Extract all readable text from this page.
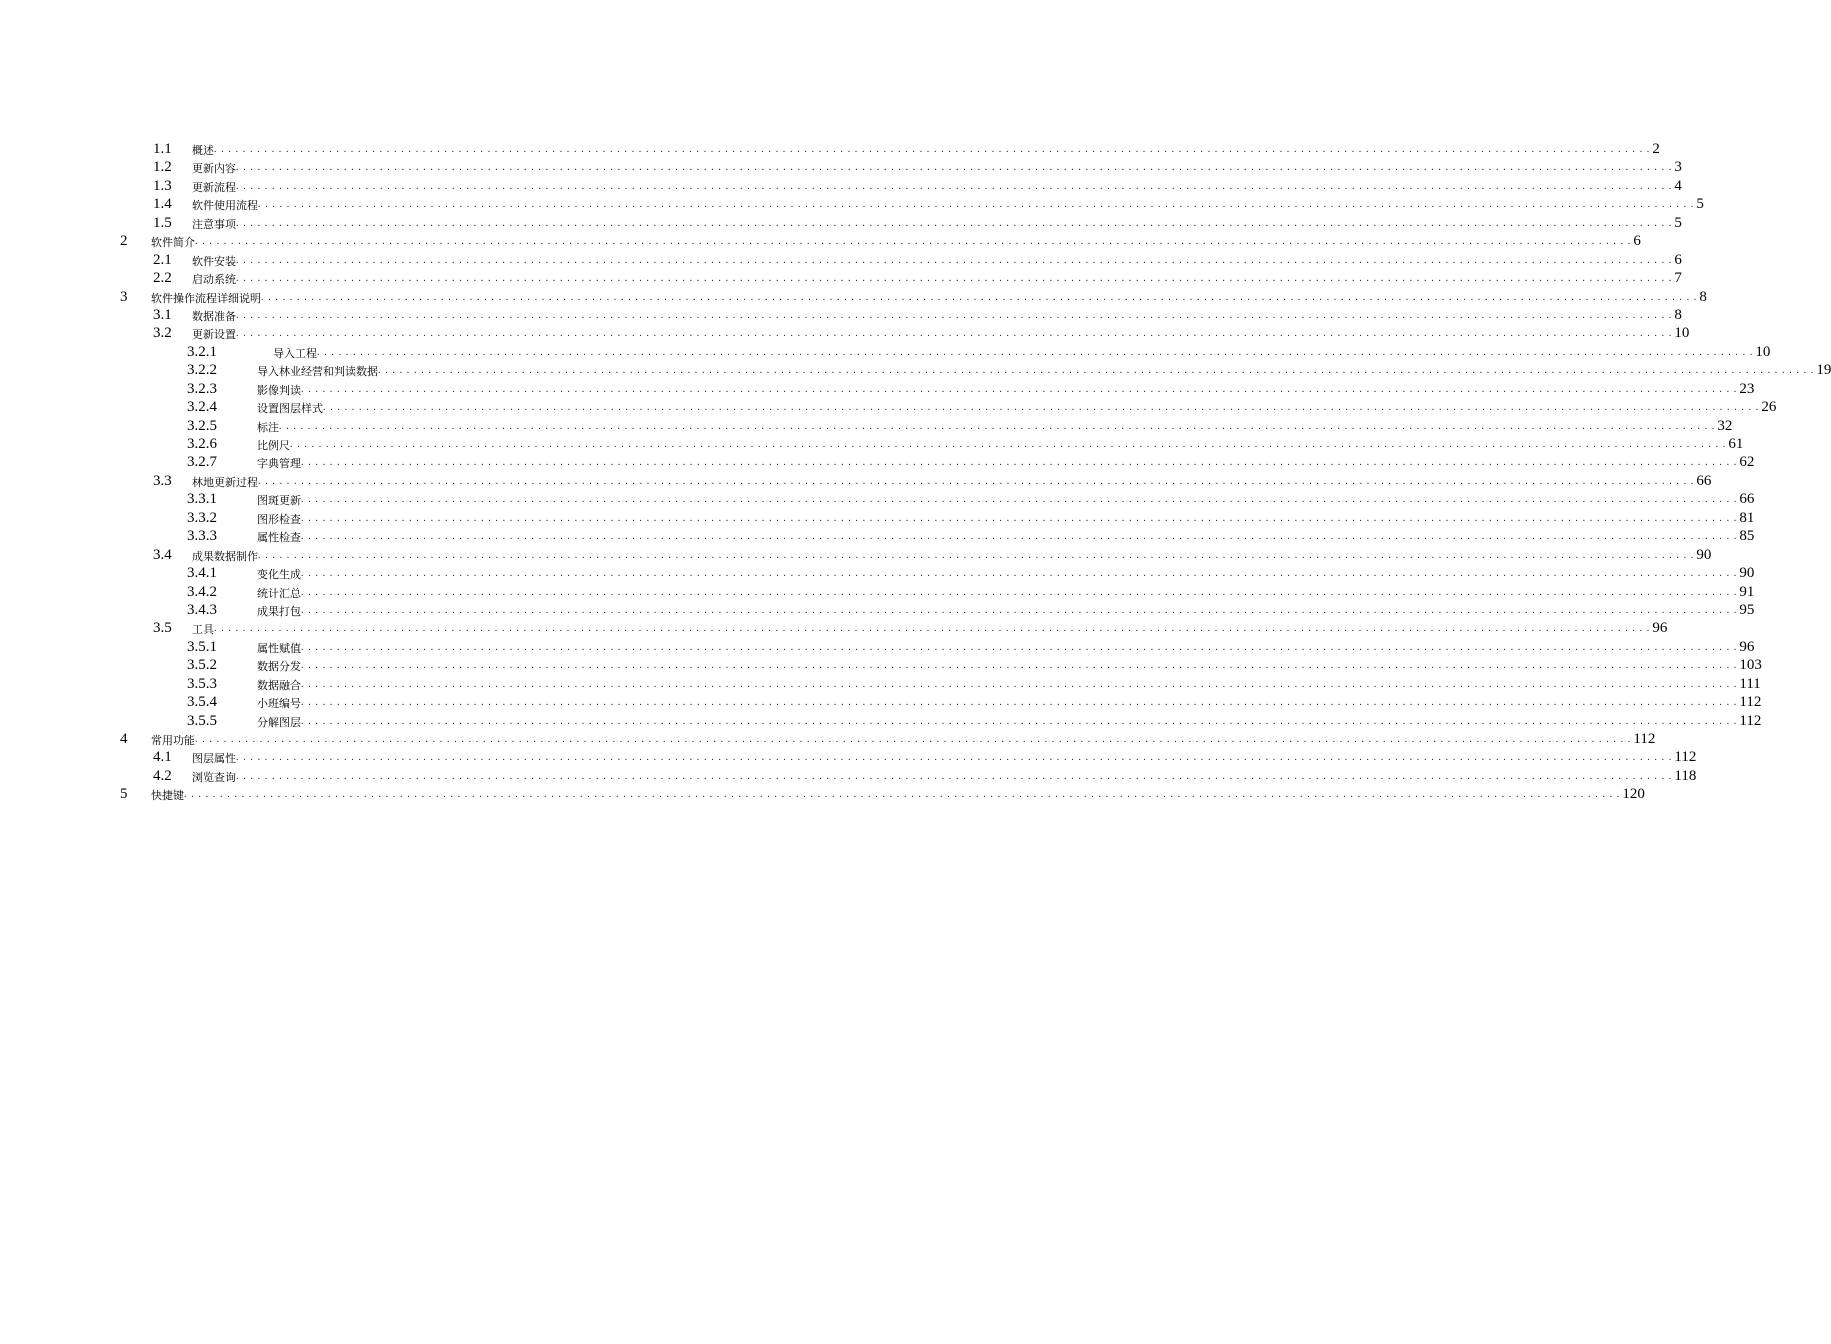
1.1 概述 . . . . . . . . . . . . . . . . . . . . . . . . . . . . . . . . . . . . . . . . . . . . . . . . . . . . . . . . . . . . . . . . . . . . . . . . . . . . . . . . . . . . . . . . . . . . . . . . . . . . . . . . . . . . . . . . . . . . . . . . . . . . . . . . . . . . . . . . . . . . . . . . . . . . . . . . . . . . . . . . . . . . . . . . . . . . . . . . . . . . . . . . . . . . . . . . . . . . . . . . 2
1.2 更新内容 . . . . . . . . . . . . . . . . . . . . . . . . . . . . . . . . . . . . . . . . . . . . . . . . . . . . . . . . . . . . . . . . . . . . . . . . . . . . . . . . . . . . . . . . . . . . . . . . . . . . . . . . . . . . . . . . . . . . . . . . . . . . . . . . . . . . . . . . . . . . . . . . . . . . . . . . . . . . . . . . . . . . . . . . . . . . . . . . . . . . . . . . . . . . . . . . . . . . . . . . 3
1.3 更新流程 . . . . . . . . . . . . . . . . . . . . . . . . . . . . . . . . . . . . . . . . . . . . . . . . . . . . . . . . . . . . . . . . . . . . . . . . . . . . . . . . . . . . . . . . . . . . . . . . . . . . . . . . . . . . . . . . . . . . . . . . . . . . . . . . . . . . . . . . . . . . . . . . . . . . . . . . . . . . . . . . . . . . . . . . . . . . . . . . . . . . . . . . . . . . . . . . . . . . . . . . 4
1.4 软件使用流程 . . . . . . . . . . . . . . . . . . . . . . . . . . . . . . . . . . . . . . . . . . . . . . . . . . . . . . . . . . . . . . . . . . . . . . . . . . . . . . . . . . . . . . . . . . . . . . . . . . . . . . . . . . . . . . . . . . . . . . . . . . . . . . . . . . . . . . . . . . . . . . . . . . . . . . . . . . . . . . . . . . . . . . . . . . . . . . . . . . . . . . . . . . . . . . . . . . . . . . . . 5
1.5 注意事项 . . . . . . . . . . . . . . . . . . . . . . . . . . . . . . . . . . . . . . . . . . . . . . . . . . . . . . . . . . . . . . . . . . . . . . . . . . . . . . . . . . . . . . . . . . . . . . . . . . . . . . . . . . . . . . . . . . . . . . . . . . . . . . . . . . . . . . . . . . . . . . . . . . . . . . . . . . . . . . . . . . . . . . . . . . . . . . . . . . . . . . . . . . . . . . . . . . . . . . . . 5
2 软件简介 . . . . . . . . . . . . . . . . . . . . . . . . . . . . . . . . . . . . . . . . . . . . . . . . . . . . . . . . . . . . . . . . . . . . . . . . . . . . . . . . . . . . . . . . . . . . . . . . . . . . . . . . . . . . . . . . . . . . . . . . . . . . . . . . . . . . . . . . . . . . . . . . . . . . . . . . . . . . . . . . . . . . . . . . . . . . . . . . . . . . . . . . . . . . . . . . . . . . . . . . 6
2.1 软件安装 . . . . . . . . . . . . . . . . . . . . . . . . . . . . . . . . . . . . . . . . . . . . . . . . . . . . . . . . . . . . . . . . . . . . . . . . . . . . . . . . . . . . . . . . . . . . . . . . . . . . . . . . . . . . . . . . . . . . . . . . . . . . . . . . . . . . . . . . . . . . . . . . . . . . . . . . . . . . . . . . . . . . . . . . . . . . . . . . . . . . . . . . . . . . . . . . . . . . . . . . 6
2.2 启动系统 . . . . . . . . . . . . . . . . . . . . . . . . . . . . . . . . . . . . . . . . . . . . . . . . . . . . . . . . . . . . . . . . . . . . . . . . . . . . . . . . . . . . . . . . . . . . . . . . . . . . . . . . . . . . . . . . . . . . . . . . . . . . . . . . . . . . . . . . . . . . . . . . . . . . . . . . . . . . . . . . . . . . . . . . . . . . . . . . . . . . . . . . . . . . . . . . . . . . . . . . 7
3 软件操作流程详细说明 . . . . . . . . . . . . . . . . . . . . . . . . . . . . . . . . . . . . . . . . . . . . . . . . . . . . . . . . . . . . . . . . . . . . . . . . . . . . . . . . . . . . . . . . . . . . . . . . . . . . . . . . . . . . . . . . . . . . . . . . . . . . . . . . . . . . . . . . . . . . . . . . . . . . . . . . . . . . . . . . . . . . . . . . . . . . . . . . . . . . . . . . . . . . . . . . . . . . . . . . 8
3.1 数据准备 . . . . . . . . . . . . . . . . . . . . . . . . . . . . . . . . . . . . . . . . . . . . . . . . . . . . . . . . . . . . . . . . . . . . . . . . . . . . . . . . . . . . . . . . . . . . . . . . . . . . . . . . . . . . . . . . . . . . . . . . . . . . . . . . . . . . . . . . . . . . . . . . . . . . . . . . . . . . . . . . . . . . . . . . . . . . . . . . . . . . . . . . . . . . . . . . . . . . . . . . 8
3.2 更新设置 . . . . . . . . . . . . . . . . . . . . . . . . . . . . . . . . . . . . . . . . . . . . . . . . . . . . . . . . . . . . . . . . . . . . . . . . . . . . . . . . . . . . . . . . . . . . . . . . . . . . . . . . . . . . . . . . . . . . . . . . . . . . . . . . . . . . . . . . . . . . . . . . . . . . . . . . . . . . . . . . . . . . . . . . . . . . . . . . . . . . . . . . . . . . . . . . . . . . . . . . 10
3.2.1	导入工程 . . . . . . . . . . . . . . . . . . . . . . . . . . . . . . . . . . . . . . . . . . . . . . . . . . . . . . . . . . . . . . . . . . . . . . . . . . . . . . . . . . . . . . . . . . . . . . . . . . . . . . . . . . . . . . . . . . . . . . . . . . . . . . . . . . . . . . . . . . . . . . . . . . . . . . . . . . . . . . . . . . . . . . . . . . . . . . . . . . . . . . . . . . . . . . . . . . . . . . . . 10
3.2.2	导入林业经营和判读数据 . . . . . . . . . . . . . . . . . . . . . . . . . . . . . . . . . . . . . . . . . . . . . . . . . . . . . . . . . . . . . . . . . . . . . . . . . . . . . . . . . . . . . . . . . . . . . . . . . . . . . . . . . . . . . . . . . . . . . . . . . . . . . . . . . . . . . . . . . . . . . . . . . . . . . . . . . . . . . . . . . . . . . . . . . . . . . . . . . . . . . . . . . . . . . . . . . . . . . . . . 19
3.2.3	影像判读 . . . . . . . . . . . . . . . . . . . . . . . . . . . . . . . . . . . . . . . . . . . . . . . . . . . . . . . . . . . . . . . . . . . . . . . . . . . . . . . . . . . . . . . . . . . . . . . . . . . . . . . . . . . . . . . . . . . . . . . . . . . . . . . . . . . . . . . . . . . . . . . . . . . . . . . . . . . . . . . . . . . . . . . . . . . . . . . . . . . . . . . . . . . . . . . . . . . . . . . . 23
3.2.4	设置图层样式 . . . . . . . . . . . . . . . . . . . . . . . . . . . . . . . . . . . . . . . . . . . . . . . . . . . . . . . . . . . . . . . . . . . . . . . . . . . . . . . . . . . . . . . . . . . . . . . . . . . . . . . . . . . . . . . . . . . . . . . . . . . . . . . . . . . . . . . . . . . . . . . . . . . . . . . . . . . . . . . . . . . . . . . . . . . . . . . . . . . . . . . . . . . . . . . . . . . . . . . . 26
3.2.5	标注 . . . . . . . . . . . . . . . . . . . . . . . . . . . . . . . . . . . . . . . . . . . . . . . . . . . . . . . . . . . . . . . . . . . . . . . . . . . . . . . . . . . . . . . . . . . . . . . . . . . . . . . . . . . . . . . . . . . . . . . . . . . . . . . . . . . . . . . . . . . . . . . . . . . . . . . . . . . . . . . . . . . . . . . . . . . . . . . . . . . . . . . . . . . . . . . . . . . . . . . . 32
3.2.6	比例尺 . . . . . . . . . . . . . . . . . . . . . . . . . . . . . . . . . . . . . . . . . . . . . . . . . . . . . . . . . . . . . . . . . . . . . . . . . . . . . . . . . . . . . . . . . . . . . . . . . . . . . . . . . . . . . . . . . . . . . . . . . . . . . . . . . . . . . . . . . . . . . . . . . . . . . . . . . . . . . . . . . . . . . . . . . . . . . . . . . . . . . . . . . . . . . . . . . . . . . . . . 61
3.2.7	字典管理 . . . . . . . . . . . . . . . . . . . . . . . . . . . . . . . . . . . . . . . . . . . . . . . . . . . . . . . . . . . . . . . . . . . . . . . . . . . . . . . . . . . . . . . . . . . . . . . . . . . . . . . . . . . . . . . . . . . . . . . . . . . . . . . . . . . . . . . . . . . . . . . . . . . . . . . . . . . . . . . . . . . . . . . . . . . . . . . . . . . . . . . . . . . . . . . . . . . . . . . . 62
3.3 林地更新过程 . . . . . . . . . . . . . . . . . . . . . . . . . . . . . . . . . . . . . . . . . . . . . . . . . . . . . . . . . . . . . . . . . . . . . . . . . . . . . . . . . . . . . . . . . . . . . . . . . . . . . . . . . . . . . . . . . . . . . . . . . . . . . . . . . . . . . . . . . . . . . . . . . . . . . . . . . . . . . . . . . . . . . . . . . . . . . . . . . . . . . . . . . . . . . . . . . . . . . . . . 66
3.3.1	图斑更新 . . . . . . . . . . . . . . . . . . . . . . . . . . . . . . . . . . . . . . . . . . . . . . . . . . . . . . . . . . . . . . . . . . . . . . . . . . . . . . . . . . . . . . . . . . . . . . . . . . . . . . . . . . . . . . . . . . . . . . . . . . . . . . . . . . . . . . . . . . . . . . . . . . . . . . . . . . . . . . . . . . . . . . . . . . . . . . . . . . . . . . . . . . . . . . . . . . . . . . . . 66
3.3.2	图形检查 . . . . . . . . . . . . . . . . . . . . . . . . . . . . . . . . . . . . . . . . . . . . . . . . . . . . . . . . . . . . . . . . . . . . . . . . . . . . . . . . . . . . . . . . . . . . . . . . . . . . . . . . . . . . . . . . . . . . . . . . . . . . . . . . . . . . . . . . . . . . . . . . . . . . . . . . . . . . . . . . . . . . . . . . . . . . . . . . . . . . . . . . . . . . . . . . . . . . . . . . 81
3.3.3	属性检查 . . . . . . . . . . . . . . . . . . . . . . . . . . . . . . . . . . . . . . . . . . . . . . . . . . . . . . . . . . . . . . . . . . . . . . . . . . . . . . . . . . . . . . . . . . . . . . . . . . . . . . . . . . . . . . . . . . . . . . . . . . . . . . . . . . . . . . . . . . . . . . . . . . . . . . . . . . . . . . . . . . . . . . . . . . . . . . . . . . . . . . . . . . . . . . . . . . . . . . . . 85
3.4 成果数据制作 . . . . . . . . . . . . . . . . . . . . . . . . . . . . . . . . . . . . . . . . . . . . . . . . . . . . . . . . . . . . . . . . . . . . . . . . . . . . . . . . . . . . . . . . . . . . . . . . . . . . . . . . . . . . . . . . . . . . . . . . . . . . . . . . . . . . . . . . . . . . . . . . . . . . . . . . . . . . . . . . . . . . . . . . . . . . . . . . . . . . . . . . . . . . . . . . . . . . . . . . 90
3.4.1	变化生成 . . . . . . . . . . . . . . . . . . . . . . . . . . . . . . . . . . . . . . . . . . . . . . . . . . . . . . . . . . . . . . . . . . . . . . . . . . . . . . . . . . . . . . . . . . . . . . . . . . . . . . . . . . . . . . . . . . . . . . . . . . . . . . . . . . . . . . . . . . . . . . . . . . . . . . . . . . . . . . . . . . . . . . . . . . . . . . . . . . . . . . . . . . . . . . . . . . . . . . . . 90
3.4.2	统计汇总 . . . . . . . . . . . . . . . . . . . . . . . . . . . . . . . . . . . . . . . . . . . . . . . . . . . . . . . . . . . . . . . . . . . . . . . . . . . . . . . . . . . . . . . . . . . . . . . . . . . . . . . . . . . . . . . . . . . . . . . . . . . . . . . . . . . . . . . . . . . . . . . . . . . . . . . . . . . . . . . . . . . . . . . . . . . . . . . . . . . . . . . . . . . . . . . . . . . . . . . . 91
3.4.3	成果打包 . . . . . . . . . . . . . . . . . . . . . . . . . . . . . . . . . . . . . . . . . . . . . . . . . . . . . . . . . . . . . . . . . . . . . . . . . . . . . . . . . . . . . . . . . . . . . . . . . . . . . . . . . . . . . . . . . . . . . . . . . . . . . . . . . . . . . . . . . . . . . . . . . . . . . . . . . . . . . . . . . . . . . . . . . . . . . . . . . . . . . . . . . . . . . . . . . . . . . . . . 95
3.5 工具 . . . . . . . . . . . . . . . . . . . . . . . . . . . . . . . . . . . . . . . . . . . . . . . . . . . . . . . . . . . . . . . . . . . . . . . . . . . . . . . . . . . . . . . . . . . . . . . . . . . . . . . . . . . . . . . . . . . . . . . . . . . . . . . . . . . . . . . . . . . . . . . . . . . . . . . . . . . . . . . . . . . . . . . . . . . . . . . . . . . . . . . . . . . . . . . . . . . . . . . . 96
3.5.1	属性赋值 . . . . . . . . . . . . . . . . . . . . . . . . . . . . . . . . . . . . . . . . . . . . . . . . . . . . . . . . . . . . . . . . . . . . . . . . . . . . . . . . . . . . . . . . . . . . . . . . . . . . . . . . . . . . . . . . . . . . . . . . . . . . . . . . . . . . . . . . . . . . . . . . . . . . . . . . . . . . . . . . . . . . . . . . . . . . . . . . . . . . . . . . . . . . . . . . . . . . . . . . 96
3.5.2	数据分发 . . . . . . . . . . . . . . . . . . . . . . . . . . . . . . . . . . . . . . . . . . . . . . . . . . . . . . . . . . . . . . . . . . . . . . . . . . . . . . . . . . . . . . . . . . . . . . . . . . . . . . . . . . . . . . . . . . . . . . . . . . . . . . . . . . . . . . . . . . . . . . . . . . . . . . . . . . . . . . . . . . . . . . . . . . . . . . . . . . . . . . . . . . . . . . . . . . . . . . . . 103
3.5.3	数据融合 . . . . . . . . . . . . . . . . . . . . . . . . . . . . . . . . . . . . . . . . . . . . . . . . . . . . . . . . . . . . . . . . . . . . . . . . . . . . . . . . . . . . . . . . . . . . . . . . . . . . . . . . . . . . . . . . . . . . . . . . . . . . . . . . . . . . . . . . . . . . . . . . . . . . . . . . . . . . . . . . . . . . . . . . . . . . . . . . . . . . . . . . . . . . . . . . . . . . . . . . 111
3.5.4	小班编号 . . . . . . . . . . . . . . . . . . . . . . . . . . . . . . . . . . . . . . . . . . . . . . . . . . . . . . . . . . . . . . . . . . . . . . . . . . . . . . . . . . . . . . . . . . . . . . . . . . . . . . . . . . . . . . . . . . . . . . . . . . . . . . . . . . . . . . . . . . . . . . . . . . . . . . . . . . . . . . . . . . . . . . . . . . . . . . . . . . . . . . . . . . . . . . . . . . . . . . . . 112
3.5.5	分解图层 . . . . . . . . . . . . . . . . . . . . . . . . . . . . . . . . . . . . . . . . . . . . . . . . . . . . . . . . . . . . . . . . . . . . . . . . . . . . . . . . . . . . . . . . . . . . . . . . . . . . . . . . . . . . . . . . . . . . . . . . . . . . . . . . . . . . . . . . . . . . . . . . . . . . . . . . . . . . . . . . . . . . . . . . . . . . . . . . . . . . . . . . . . . . . . . . . . . . . . . . 112
4 常用功能 . . . . . . . . . . . . . . . . . . . . . . . . . . . . . . . . . . . . . . . . . . . . . . . . . . . . . . . . . . . . . . . . . . . . . . . . . . . . . . . . . . . . . . . . . . . . . . . . . . . . . . . . . . . . . . . . . . . . . . . . . . . . . . . . . . . . . . . . . . . . . . . . . . . . . . . . . . . . . . . . . . . . . . . . . . . . . . . . . . . . . . . . . . . . . . . . . . . . . . . . 112
4.1 图层属性 . . . . . . . . . . . . . . . . . . . . . . . . . . . . . . . . . . . . . . . . . . . . . . . . . . . . . . . . . . . . . . . . . . . . . . . . . . . . . . . . . . . . . . . . . . . . . . . . . . . . . . . . . . . . . . . . . . . . . . . . . . . . . . . . . . . . . . . . . . . . . . . . . . . . . . . . . . . . . . . . . . . . . . . . . . . . . . . . . . . . . . . . . . . . . . . . . . . . . . . . 112
4.2 浏览查询 . . . . . . . . . . . . . . . . . . . . . . . . . . . . . . . . . . . . . . . . . . . . . . . . . . . . . . . . . . . . . . . . . . . . . . . . . . . . . . . . . . . . . . . . . . . . . . . . . . . . . . . . . . . . . . . . . . . . . . . . . . . . . . . . . . . . . . . . . . . . . . . . . . . . . . . . . . . . . . . . . . . . . . . . . . . . . . . . . . . . . . . . . . . . . . . . . . . . . . . . 118
5 快捷键 . . . . . . . . . . . . . . . . . . . . . . . . . . . . . . . . . . . . . . . . . . . . . . . . . . . . . . . . . . . . . . . . . . . . . . . . . . . . . . . . . . . . . . . . . . . . . . . . . . . . . . . . . . . . . . . . . . . . . . . . . . . . . . . . . . . . . . . . . . . . . . . . . . . . . . . . . . . . . . . . . . . . . . . . . . . . . . . . . . . . . . . . . . . . . . . . . . . . . . . . 120
